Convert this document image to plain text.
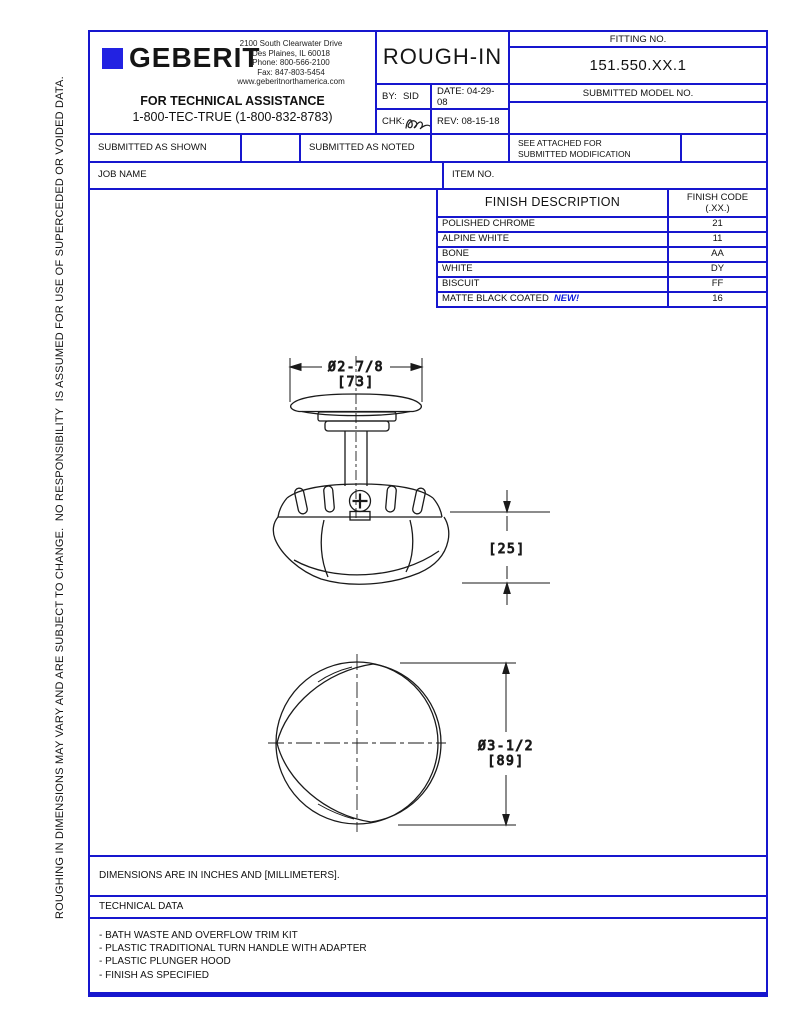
ROUGHING IN DIMENSIONS MAY VARY AND ARE SUBJECT TO CHANGE.  NO RESPONSIBILITY  IS ASSUMED FOR USE OF SUPERCEDED OR VOIDED DATA.
GEBERIT
2100 South Clearwater Drive
Des Plaines, IL 60018
Phone: 800-566-2100
Fax: 847-803-5454
www.geberitnorthamerica.com
FOR TECHNICAL ASSISTANCE
1-800-TEC-TRUE (1-800-832-8783)
ROUGH-IN
BY: SID	DATE: 04-29-08
CHK:	REV: 08-15-18
FITTING NO.
151.550.XX.1
SUBMITTED MODEL NO.
SUBMITTED AS SHOWN	SUBMITTED AS NOTED	SEE ATTACHED FOR
SUBMITTED MODIFICATION
JOB NAME	ITEM NO.
FINISH DESCRIPTION	FINISH CODE
(.XX.)
POLISHED CHROME	21
ALPINE WHITE	11
BONE	AA
WHITE	DY
BISCUIT	FF
MATTE BLACK COATED NEW!	16
Ø2-7/8
[73]
[25]
Ø3-1/2
[89]
DIMENSIONS ARE IN INCHES AND [MILLIMETERS].
TECHNICAL DATA
- BATH WASTE AND OVERFLOW TRIM KIT
- PLASTIC TRADITIONAL TURN HANDLE WITH ADAPTER
- PLASTIC PLUNGER HOOD
- FINISH AS SPECIFIED
